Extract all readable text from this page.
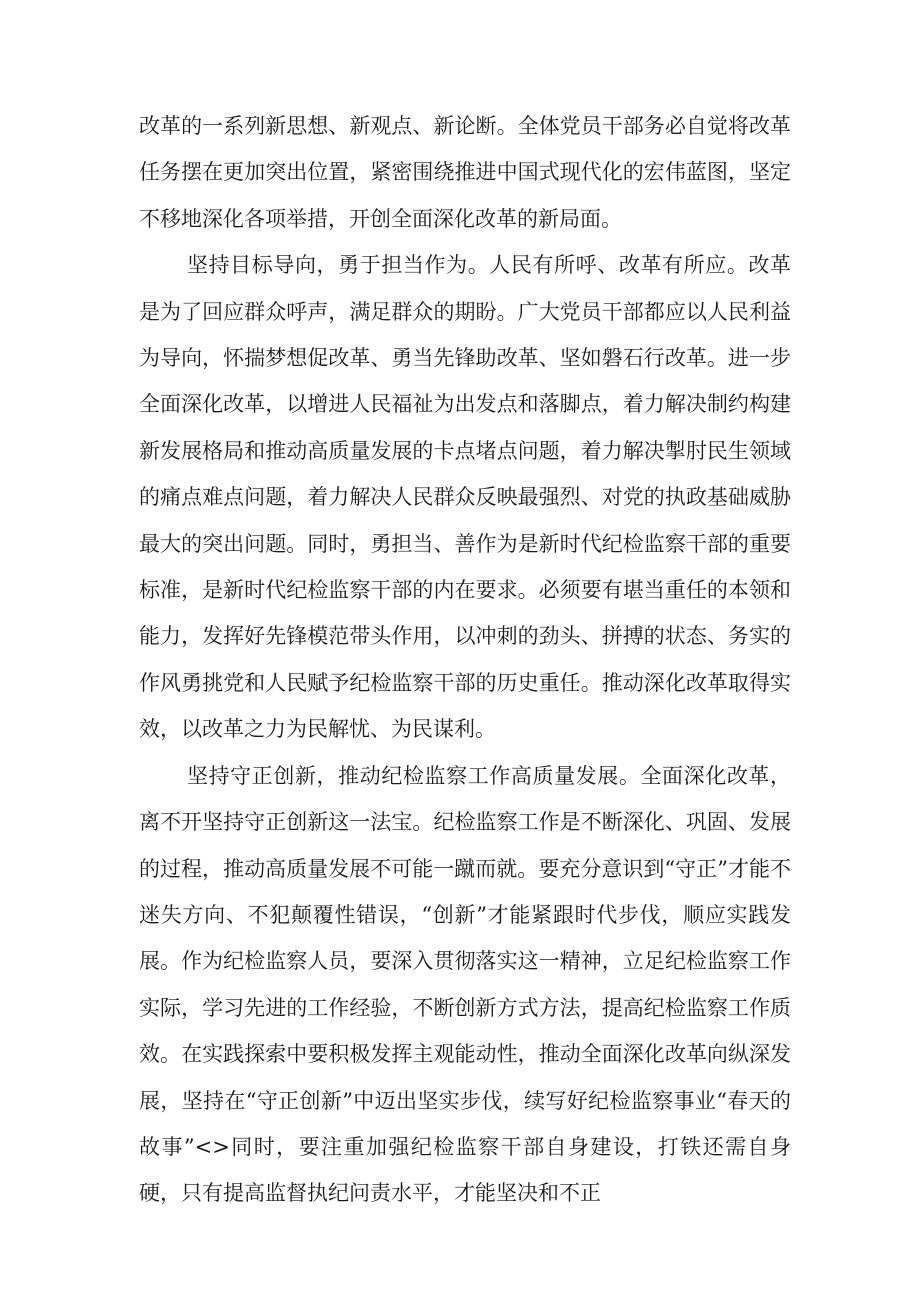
改革的一系列新思想、新观点、新论断。全体党员干部务必自觉将改革任务摆在更加突出位置，紧密围绕推进中国式现代化的宏伟蓝图，坚定不移地深化各项举措，开创全面深化改革的新局面。

坚持目标导向，勇于担当作为。人民有所呼、改革有所应。改革是为了回应群众呼声，满足群众的期盼。广大党员干部都应以人民利益为导向，怀揣梦想促改革、勇当先锋助改革、坚如磐石行改革。进一步全面深化改革，以增进人民福祉为出发点和落脚点，着力解决制约构建新发展格局和推动高质量发展的卡点堵点问题，着力解决掣肘民生领域的痛点难点问题，着力解决人民群众反映最强烈、对党的执政基础威胁最大的突出问题。同时，勇担当、善作为是新时代纪检监察干部的重要标准，是新时代纪检监察干部的内在要求。必须要有堪当重任的本领和能力，发挥好先锋模范带头作用，以冲刺的劲头、拼搏的状态、务实的作风勇挑党和人民赋予纪检监察干部的历史重任。推动深化改革取得实效，以改革之力为民解忧、为民谋利。

坚持守正创新，推动纪检监察工作高质量发展。全面深化改革，离不开坚持守正创新这一法宝。纪检监察工作是不断深化、巩固、发展的过程，推动高质量发展不可能一蹴而就。要充分意识到“守正”才能不迷失方向、不犯颠覆性错误，“创新”才能紧跟时代步伐，顺应实践发展。作为纪检监察人员，要深入贯彻落实这一精神，立足纪检监察工作实际，学习先进的工作经验，不断创新方式方法，提高纪检监察工作质效。在实践探索中要积极发挥主观能动性，推动全面深化改革向纵深发展，坚持在“守正创新”中迈出坚实步伐，续写好纪检监察事业“春天的故事”<>同时，要注重加强纪检监察干部自身建设，打铁还需自身硬，只有提高监督执纪问责水平，才能坚决和不正
